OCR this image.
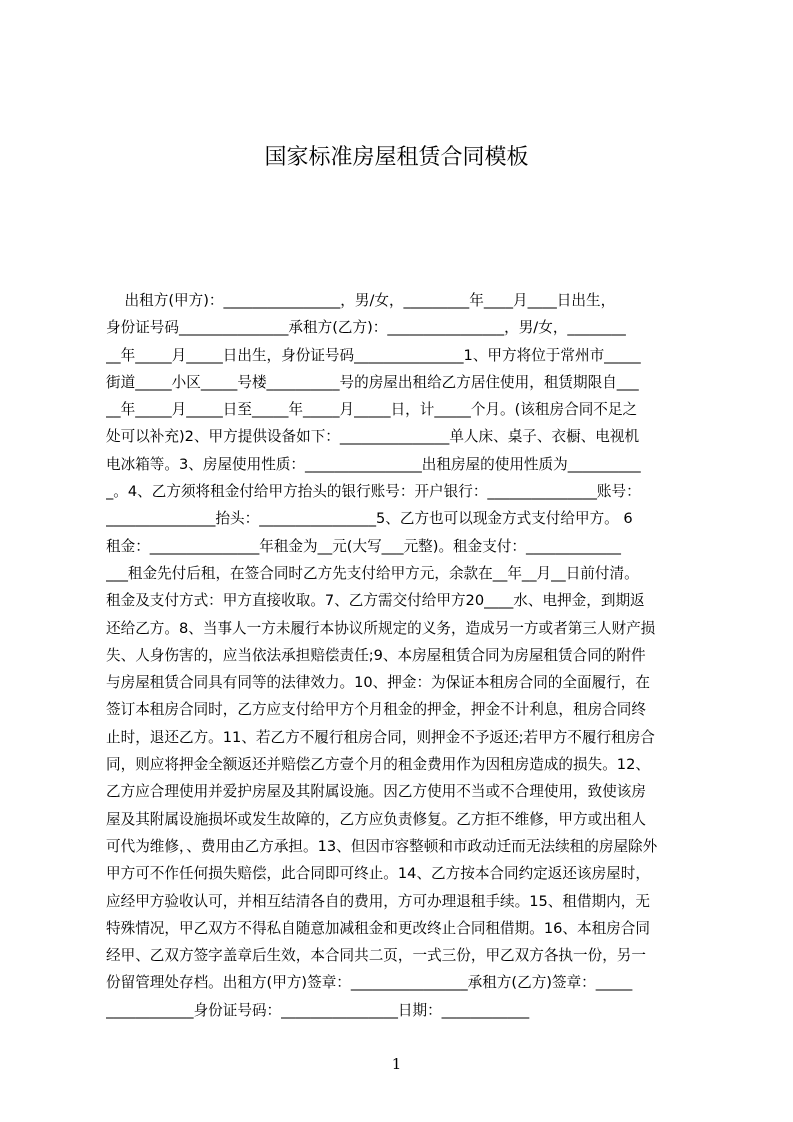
国家标准房屋租赁合同模板
出租方(甲方)：________________，男/女，_________年____月____日出生，
身份证号码_______________承租方(乙方)：________________，男/女，________
__年_____月_____日出生，身份证号码_______________1、甲方将位于常州市_____
街道_____小区_____号楼__________号的房屋出租给乙方居住使用，租赁期限自___
__年_____月_____日至_____年_____月_____日，计_____个月。(该租房合同不足之
处可以补充)2、甲方提供设备如下：_______________单人床、桌子、衣橱、电视机
电冰箱等。3、房屋使用性质：________________出租房屋的使用性质为__________
_。4、乙方须将租金付给甲方抬头的银行账号：开户银行：_______________账号：
_______________抬头：________________5、乙方也可以现金方式支付给甲方。 6
租金：_______________年租金为__元(大写___元整)。租金支付：_____________
___租金先付后租，在签合同时乙方先支付给甲方元，余款在__年__月__日前付清。
租金及支付方式：甲方直接收取。7、乙方需交付给甲方20____水、电押金，到期返
还给乙方。8、当事人一方未履行本协议所规定的义务，造成另一方或者第三人财产损
失、人身伤害的，应当依法承担赔偿责任;9、本房屋租赁合同为房屋租赁合同的附件
与房屋租赁合同具有同等的法律效力。10、押金：为保证本租房合同的全面履行，在
签订本租房合同时，乙方应支付给甲方个月租金的押金，押金不计利息，租房合同终
止时，退还乙方。11、若乙方不履行租房合同，则押金不予返还;若甲方不履行租房合
同，则应将押金全额返还并赔偿乙方壹个月的租金费用作为因租房造成的损失。12、
乙方应合理使用并爱护房屋及其附属设施。因乙方使用不当或不合理使用，致使该房
屋及其附属设施损坏或发生故障的，乙方应负责修复。乙方拒不维修，甲方或出租人
可代为维修，、费用由乙方承担。13、但因市容整顿和市政动迁而无法续租的房屋除外
甲方可不作任何损失赔偿，此合同即可终止。14、乙方按本合同约定返还该房屋时，
应经甲方验收认可，并相互结清各自的费用，方可办理退租手续。15、租借期内，无
特殊情况，甲乙双方不得私自随意加减租金和更改终止合同租借期。16、本租房合同
经甲、乙双方签字盖章后生效，本合同共二页，一式三份，甲乙双方各执一份，另一
份留管理处存档。出租方(甲方)签章：________________承租方(乙方)签章：_____
____________身份证号码：________________日期：____________
1
